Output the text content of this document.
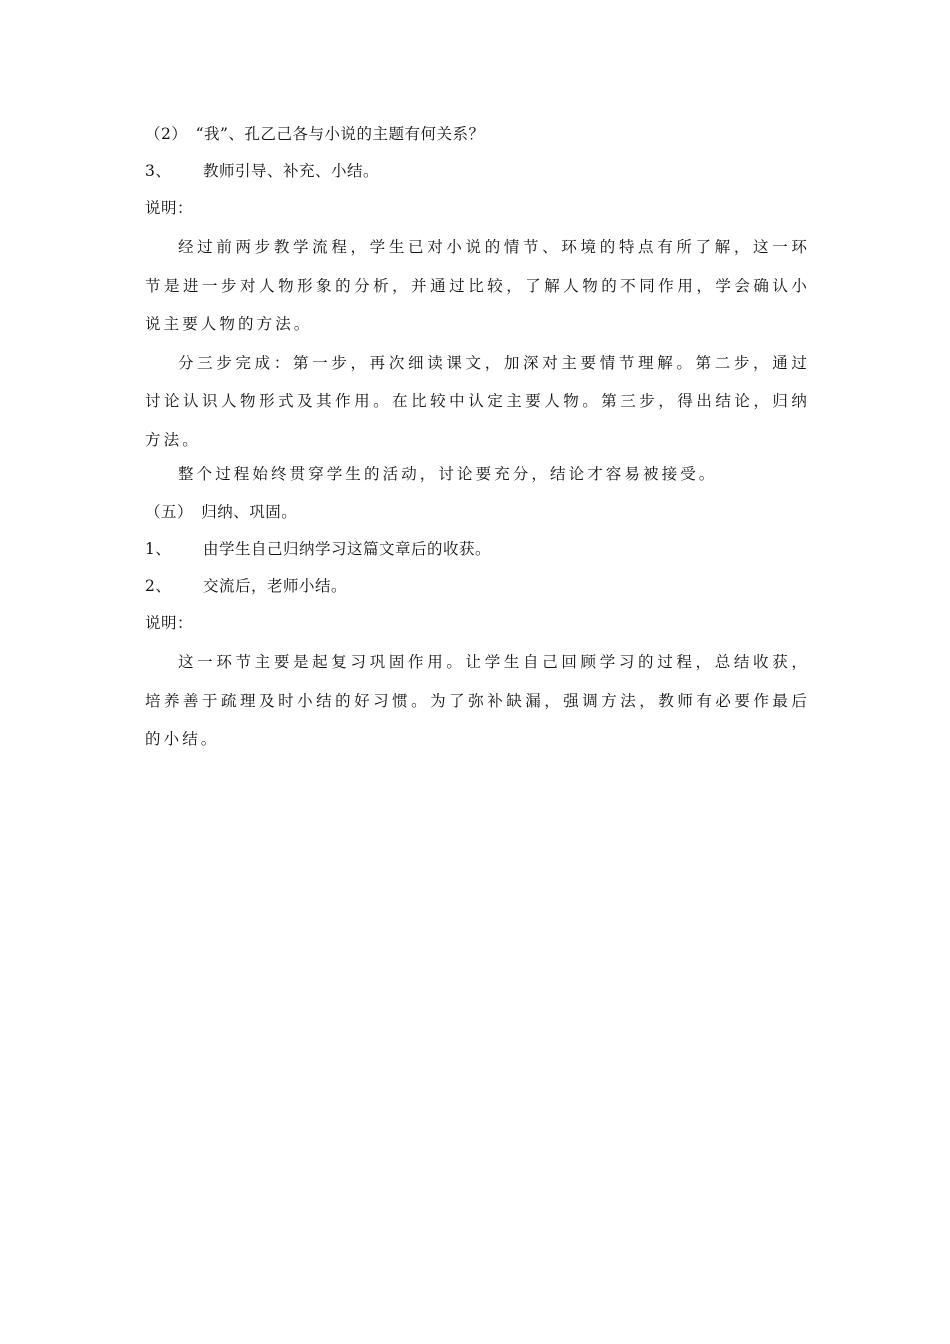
（2）　“我”、孔乙己各与小说的主题有何关系？
3、	教师引导、补充、小结。
说明：

经过前两步教学流程，学生已对小说的情节、环境的特点有所了解，这一环节是进一步对人物形象的分析，并通过比较，了解人物的不同作用，学会确认小说主要人物的方法。

分三步完成：第一步，再次细读课文，加深对主要情节理解。第二步，通过讨论认识人物形式及其作用。在比较中认定主要人物。第三步，得出结论，归纳方法。

整个过程始终贯穿学生的活动，讨论要充分，结论才容易被接受。

（五）　归纳、巩固。
1、	由学生自己归纳学习这篇文章后的收获。
2、	交流后，老师小结。
说明：

这一环节主要是起复习巩固作用。让学生自己回顾学习的过程，总结收获，培养善于疏理及时小结的好习惯。为了弥补缺漏，强调方法，教师有必要作最后的小结。
